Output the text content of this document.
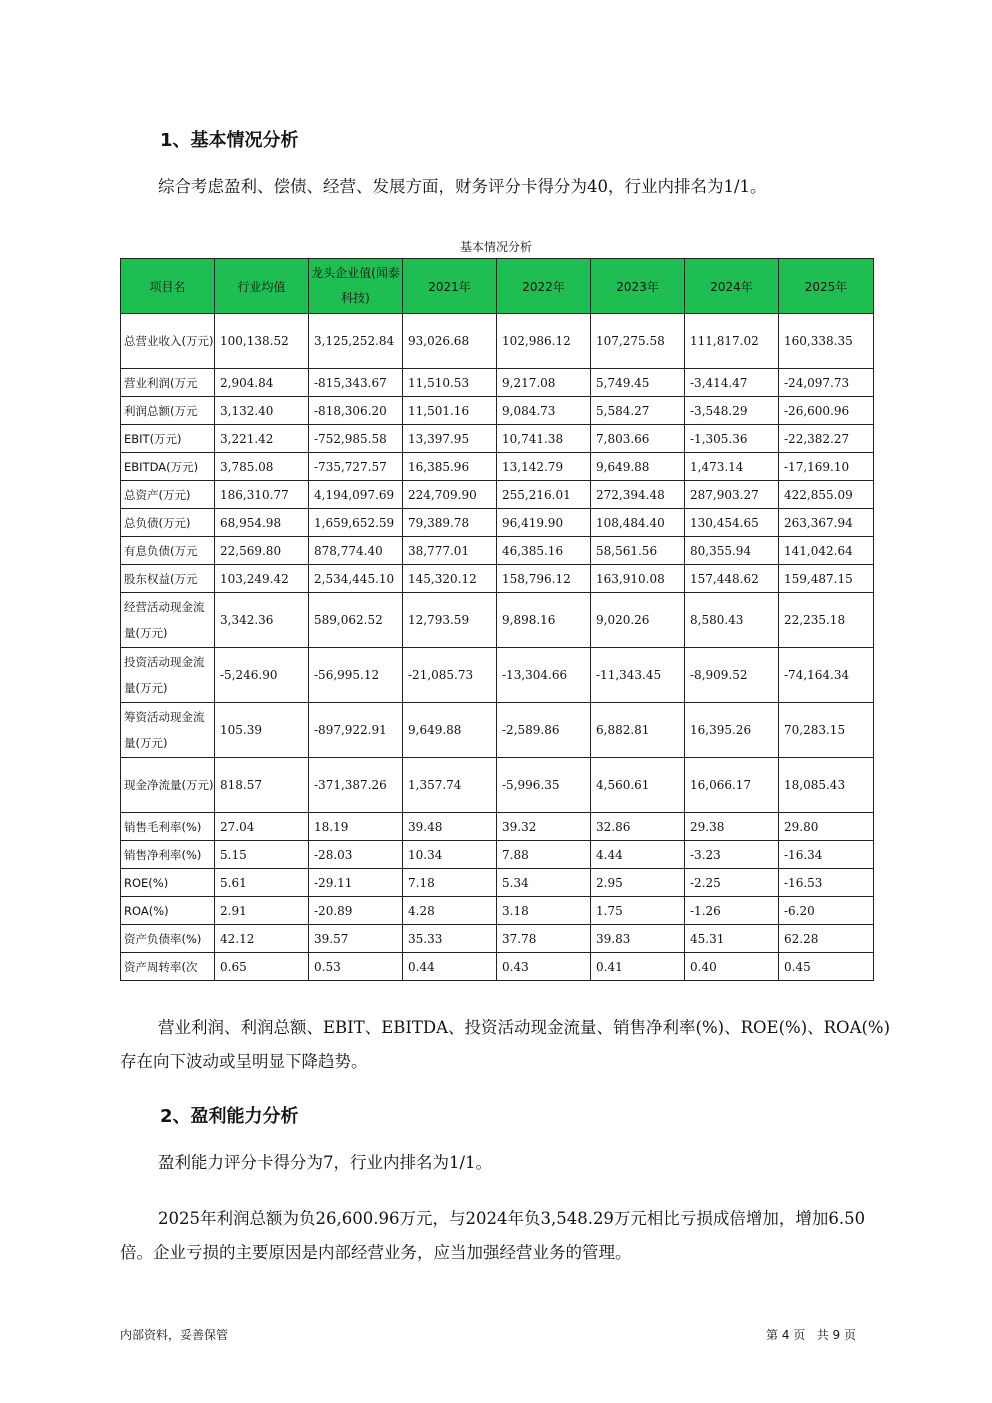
1、基本情况分析
综合考虑盈利、偿债、经营、发展方面，财务评分卡得分为40，行业内排名为1/1。
基本情况分析
项目名	行业均值	龙头企业值(闻泰科技)	2021年	2022年	2023年	2024年	2025年
总营业收入(万元)	100,138.52	3,125,252.84	93,026.68	102,986.12	107,275.58	111,817.02	160,338.35
营业利润(万元	2,904.84	-815,343.67	11,510.53	9,217.08	5,749.45	-3,414.47	-24,097.73
利润总额(万元	3,132.40	-818,306.20	11,501.16	9,084.73	5,584.27	-3,548.29	-26,600.96
EBIT(万元)	3,221.42	-752,985.58	13,397.95	10,741.38	7,803.66	-1,305.36	-22,382.27
EBITDA(万元)	3,785.08	-735,727.57	16,385.96	13,142.79	9,649.88	1,473.14	-17,169.10
总资产(万元)	186,310.77	4,194,097.69	224,709.90	255,216.01	272,394.48	287,903.27	422,855.09
总负债(万元)	68,954.98	1,659,652.59	79,389.78	96,419.90	108,484.40	130,454.65	263,367.94
有息负债(万元	22,569.80	878,774.40	38,777.01	46,385.16	58,561.56	80,355.94	141,042.64
股东权益(万元	103,249.42	2,534,445.10	145,320.12	158,796.12	163,910.08	157,448.62	159,487.15
经营活动现金流量(万元)	3,342.36	589,062.52	12,793.59	9,898.16	9,020.26	8,580.43	22,235.18
投资活动现金流量(万元)	-5,246.90	-56,995.12	-21,085.73	-13,304.66	-11,343.45	-8,909.52	-74,164.34
筹资活动现金流量(万元)	105.39	-897,922.91	9,649.88	-2,589.86	6,882.81	16,395.26	70,283.15
现金净流量(万元)	818.57	-371,387.26	1,357.74	-5,996.35	4,560.61	16,066.17	18,085.43
销售毛利率(%)	27.04	18.19	39.48	39.32	32.86	29.38	29.80
销售净利率(%)	5.15	-28.03	10.34	7.88	4.44	-3.23	-16.34
ROE(%)	5.61	-29.11	7.18	5.34	2.95	-2.25	-16.53
ROA(%)	2.91	-20.89	4.28	3.18	1.75	-1.26	-6.20
资产负债率(%)	42.12	39.57	35.33	37.78	39.83	45.31	62.28
资产周转率(次	0.65	0.53	0.44	0.43	0.41	0.40	0.45
营业利润、利润总额、EBIT、EBITDA、投资活动现金流量、销售净利率(%)、ROE(%)、ROA(%)存在向下波动或呈明显下降趋势。
2、盈利能力分析
盈利能力评分卡得分为7，行业内排名为1/1。
2025年利润总额为负26,600.96万元，与2024年负3,548.29万元相比亏损成倍增加，增加6.50倍。企业亏损的主要原因是内部经营业务，应当加强经营业务的管理。
内部资料，妥善保管	第 4 页   共 9 页
